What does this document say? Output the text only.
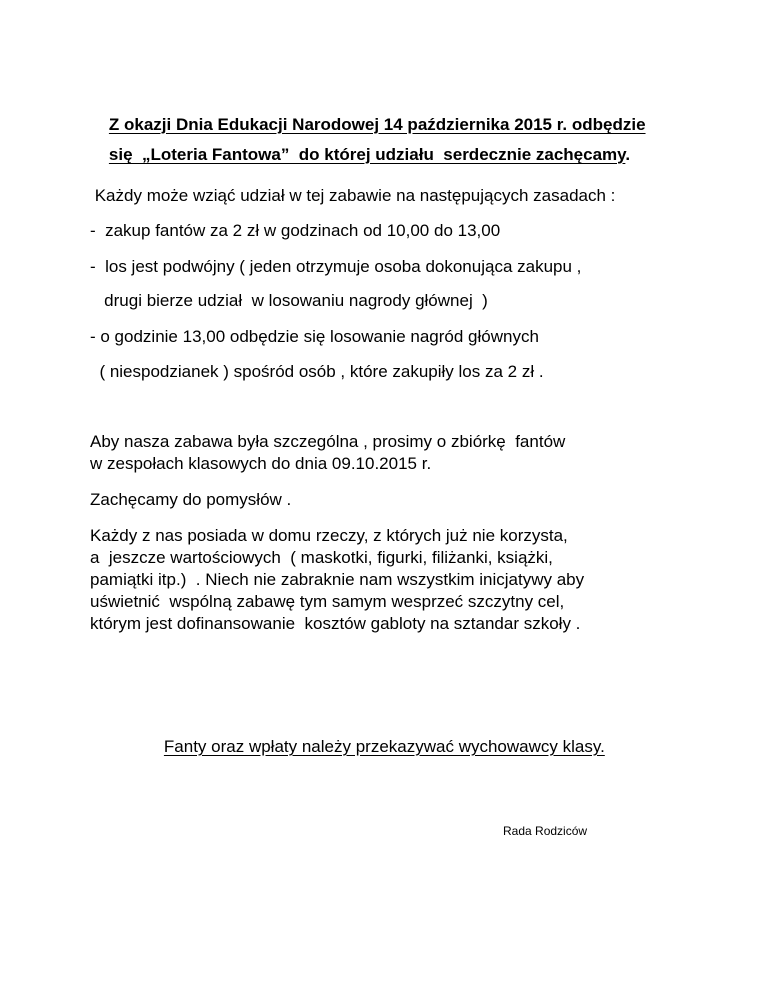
Z okazji Dnia Edukacji Narodowej 14 października 2015 r. odbędzie

się  „Loteria Fantowa”  do której udziału  serdecznie zachęcamy.

Każdy może wziąć udział w tej zabawie na następujących zasadach :
-  zakup fantów za 2 zł w godzinach od 10,00 do 13,00
-  los jest podwójny ( jeden otrzymuje osoba dokonująca zakupu ,
drugi bierze udział  w losowaniu nagrody głównej  )
- o godzinie 13,00 odbędzie się losowanie nagród głównych
( niespodzianek ) spośród osób , które zakupiły los za 2 zł .
Aby nasza zabawa była szczególna , prosimy o zbiórkę  fantów
w zespołach klasowych do dnia 09.10.2015 r.
Zachęcamy do pomysłów .
Każdy z nas posiada w domu rzeczy, z których już nie korzysta,
a  jeszcze wartościowych  ( maskotki, figurki, filiżanki, książki,
pamiątki itp.)  . Niech nie zabraknie nam wszystkim inicjatywy aby
uświetnić  wspólną zabawę tym samym wesprzeć szczytny cel,
którym jest dofinansowanie  kosztów gabloty na sztandar szkoły .

Fanty oraz wpłaty należy przekazywać wychowawcy klasy.

Rada Rodziców
